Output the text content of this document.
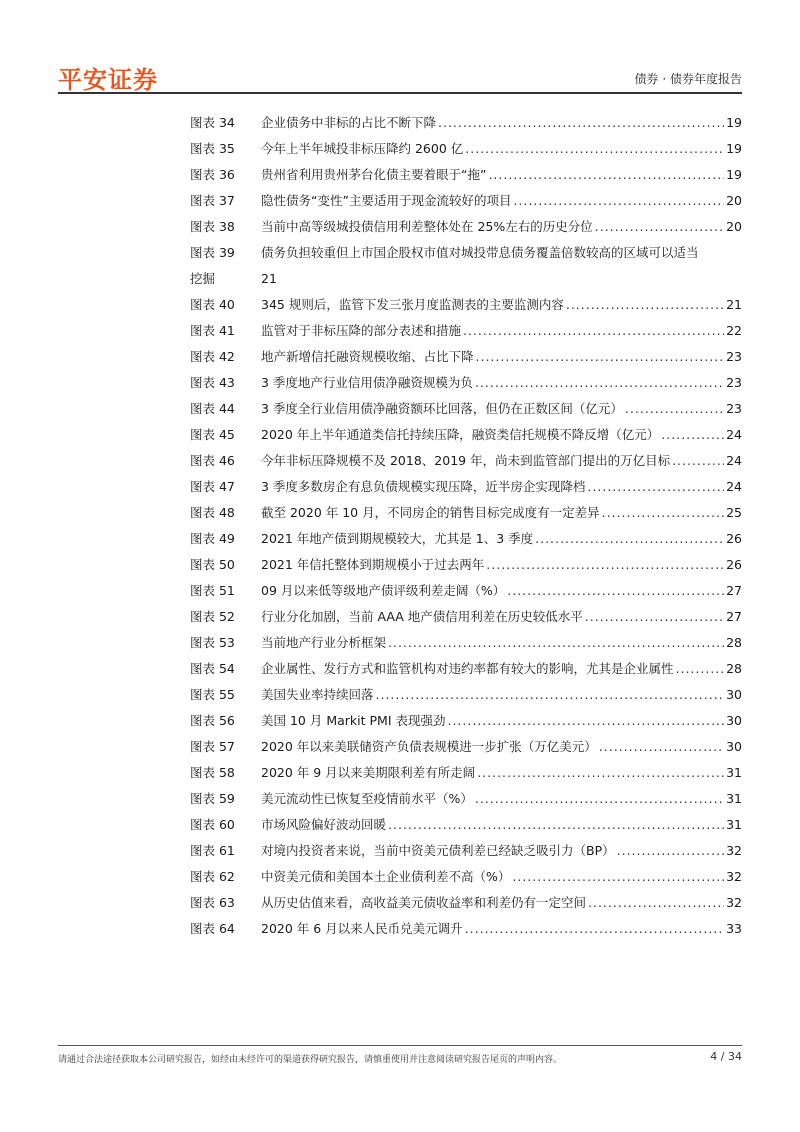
平安证券	债券 · 债券年度报告
图表 34	企业债务中非标的占比不断下降 .....	19
图表 35	今年上半年城投非标压降约 2600 亿 .....	19
图表 36	贵州省利用贵州茅台化债主要着眼于“拖” .....	19
图表 37	隐性债务“变性”主要适用于现金流较好的项目 .....	20
图表 38	当前中高等级城投债信用利差整体处在 25%左右的历史分位 .....	20
图表 39	债务负担较重但上市国企股权市值对城投带息债务覆盖倍数较高的区域可以适当
挖掘	21
图表 40	345 规则后，监管下发三张月度监测表的主要监测内容 .....	21
图表 41	监管对于非标压降的部分表述和措施 .....	22
图表 42	地产新增信托融资规模收缩、占比下降 .....	23
图表 43	3 季度地产行业信用债净融资规模为负 .....	23
图表 44	3 季度全行业信用债净融资额环比回落，但仍在正数区间（亿元） .....	23
图表 45	2020 年上半年通道类信托持续压降，融资类信托规模不降反增（亿元） .....	24
图表 46	今年非标压降规模不及 2018、2019 年，尚未到监管部门提出的万亿目标 .....	24
图表 47	3 季度多数房企有息负债规模实现压降，近半房企实现降档 .....	24
图表 48	截至 2020 年 10 月，不同房企的销售目标完成度有一定差异 .....	25
图表 49	2021 年地产债到期规模较大，尤其是 1、3 季度 .....	26
图表 50	2021 年信托整体到期规模小于过去两年 .....	26
图表 51	09 月以来低等级地产债评级利差走阔（%） .....	27
图表 52	行业分化加剧，当前 AAA 地产债信用利差在历史较低水平 .....	27
图表 53	当前地产行业分析框架 .....	28
图表 54	企业属性、发行方式和监管机构对违约率都有较大的影响，尤其是企业属性 .....	28
图表 55	美国失业率持续回落 .....	30
图表 56	美国 10 月 Markit PMI 表现强劲 .....	30
图表 57	2020 年以来美联储资产负债表规模进一步扩张（万亿美元） .....	30
图表 58	2020 年 9 月以来美期限利差有所走阔 .....	31
图表 59	美元流动性已恢复至疫情前水平（%） .....	31
图表 60	市场风险偏好波动回暖 .....	31
图表 61	对境内投资者来说，当前中资美元债利差已经缺乏吸引力（BP） .....	32
图表 62	中资美元债和美国本土企业债利差不高（%） .....	32
图表 63	从历史估值来看，高收益美元债收益率和利差仍有一定空间 .....	32
图表 64	2020 年 6 月以来人民币兑美元调升 .....	33
请通过合法途径获取本公司研究报告，如经由未经许可的渠道获得研究报告，请慎重使用并注意阅读研究报告尾页的声明内容。	4 / 34
